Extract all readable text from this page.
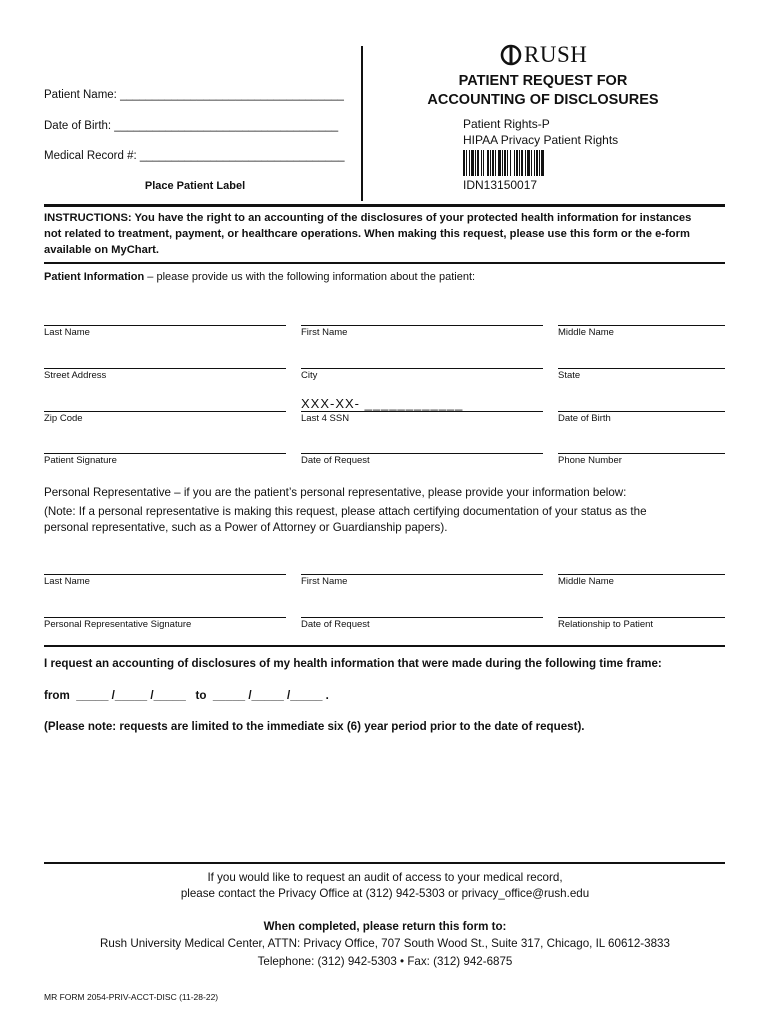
Patient Name: ___________________________________
Date of Birth: ___________________________________
Medical Record #: ________________________________
Place Patient Label
RUSH
PATIENT REQUEST FOR
ACCOUNTING OF DISCLOSURES
Patient Rights-P
HIPAA Privacy Patient Rights
IDN13150017
INSTRUCTIONS: You have the right to an accounting of the disclosures of your protected health information for instances
not related to treatment, payment, or healthcare operations. When making this request, please use this form or the e-form
available on MyChart.
Patient Information – please provide us with the following information about the patient:
Last Name	First Name	Middle Name
Street Address	City	State
XXX-XX- ____________
Zip Code	Last 4 SSN	Date of Birth
Patient Signature	Date of Request	Phone Number
Personal Representative – if you are the patient’s personal representative, please provide your information below:
(Note: If a personal representative is making this request, please attach certifying documentation of your status as the
personal representative, such as a Power of Attorney or Guardianship papers).
Last Name	First Name	Middle Name
Personal Representative Signature	Date of Request	Relationship to Patient
I request an accounting of disclosures of my health information that were made during the following time frame:
from  _____ /_____ /_____   to  _____ /_____ /_____ .
(Please note: requests are limited to the immediate six (6) year period prior to the date of request).
If you would like to request an audit of access to your medical record,
please contact the Privacy Office at (312) 942-5303 or privacy_office@rush.edu
When completed, please return this form to:
Rush University Medical Center, ATTN: Privacy Office, 707 South Wood St., Suite 317, Chicago, IL 60612-3833
Telephone: (312) 942-5303 • Fax: (312) 942-6875
MR FORM 2054-PRIV-ACCT-DISC (11-28-22)
